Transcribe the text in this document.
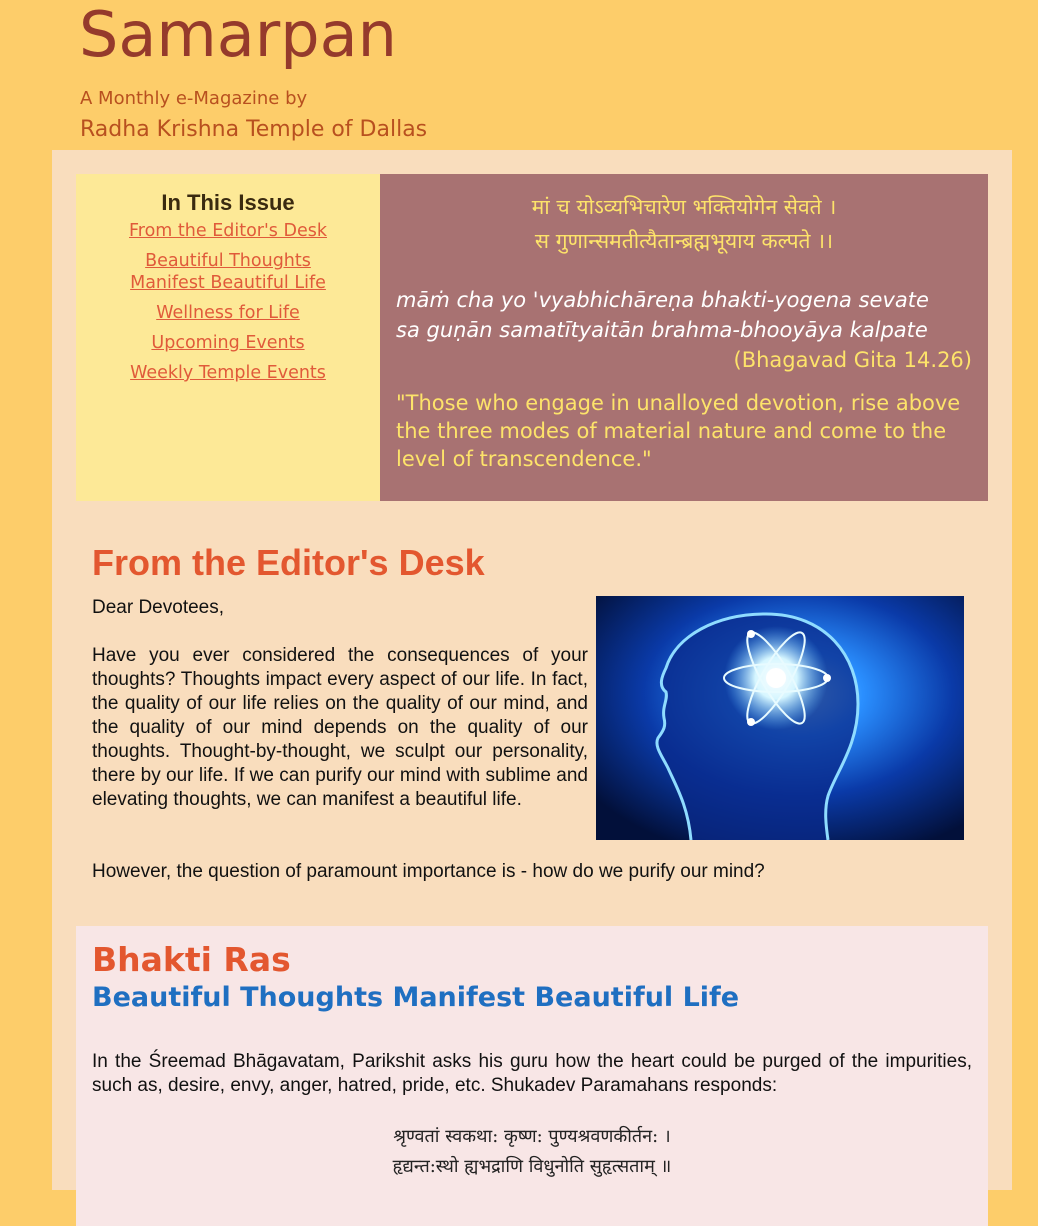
Samarpan
A Monthly e-Magazine by
Radha Krishna Temple of Dallas
In This Issue
From the Editor's Desk
Beautiful Thoughts Manifest Beautiful Life
Wellness for Life
Upcoming Events
Weekly Temple Events
मां च योऽव्यभिचारेण भक्तियोगेन सेवते ।
स गुणान्समतीत्यैतान्ब्रह्मभूयाय कल्पते ।।
māṁ cha yo 'vyabhichāreṇa bhakti-yogena sevate
sa guṇān samatītyaitān brahma-bhooyāya kalpate
(Bhagavad Gita 14.26)
"Those who engage in unalloyed devotion, rise above the three modes of material nature and come to the level of transcendence."
From the Editor's Desk

Dear Devotees,

Have you ever considered the consequences of your thoughts? Thoughts impact every aspect of our life. In fact, the quality of our life relies on the quality of our mind, and the quality of our mind depends on the quality of our thoughts. Thought-by-thought, we sculpt our personality, there by our life. If we can purify our mind with sublime and elevating thoughts, we can manifest a beautiful life.

However, the question of paramount importance is - how do we purify our mind?
Bhakti Ras
Beautiful Thoughts Manifest Beautiful Life
In the Śreemad Bhāgavatam, Parikshit asks his guru how the heart could be purged of the impurities, such as, desire, envy, anger, hatred, pride, etc. Shukadev Paramahans responds:
श्रृण्वतां स्वकथा: कृष्ण: पुण्यश्रवणकीर्तन: ।
हृद्यन्त:स्थो ह्यभद्राणि विधुनोति सुहृत्सताम् ॥
